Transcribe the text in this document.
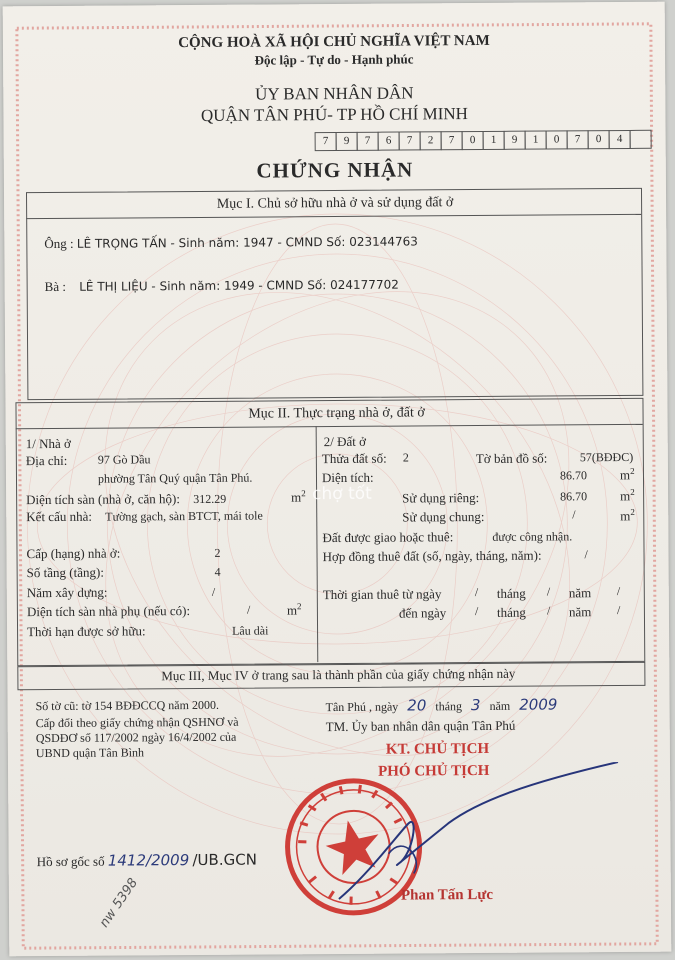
CỘNG HOÀ XÃ HỘI CHỦ NGHĨA VIỆT NAM
Độc lập - Tự do - Hạnh phúc
ỦY BAN NHÂN DÂN
QUẬN TÂN PHÚ- TP HỒ CHÍ MINH
7	9	7	6	7	2	7	0	1	9	1	0	7	0	4
CHỨNG NHẬN
Mục I. Chủ sở hữu nhà ở và sử dụng đất ở
Ông : LÊ TRỌNG TẤN - Sinh năm: 1947 - CMND Số: 023144763
Bà : LÊ THỊ LIỆU - Sinh năm: 1949 - CMND Số: 024177702
Mục II. Thực trạng nhà ở, đất ở
1/ Nhà ở
Địa chỉ:	97 Gò Dầu
phường Tân Quý quận Tân Phú.
Diện tích sàn (nhà ở, căn hộ): 312.29	$m^2$
Kết cấu nhà: Tường gạch, sàn BTCT, mái tole
Cấp (hạng) nhà ở:	2
Số tầng (tầng):	4
Năm xây dựng:	/
Diện tích sàn nhà phụ (nếu có):	/	$m^2$
Thời hạn được sở hữu:	Lâu dài
2/ Đất ở
Thửa đất số: 2	Tờ bản đồ số:	57(BĐĐC)
Diện tích:	86.70	$m^2$
Sử dụng riêng:	86.70	$m^2$
Sử dụng chung:	/	$m^2$
Đất được giao hoặc thuê:	được công nhận.
Hợp đồng thuê đất (số, ngày, tháng, năm):	/
Thời gian thuê từ ngày	/ tháng / năm /
đến ngày / tháng / năm /
Mục III, Mục IV ở trang sau là thành phần của giấy chứng nhận này
Số tờ cũ: tờ 154 BĐĐCCQ năm 2000.
Cấp đổi theo giấy chứng nhận QSHNƠ và
QSDĐƠ số 117/2002 ngày 16/4/2002 của
UBND quận Tân Bình
Hồ sơ gốc số 1412/2009 /UB.GCN
nw 5398
Tân Phú , ngày 20 tháng 3 năm 2009
TM. Ủy ban nhân dân quận Tân Phú
KT. CHỦ TỊCH
PHÓ CHỦ TỊCH
Phan Tấn Lực
chợ tốt
